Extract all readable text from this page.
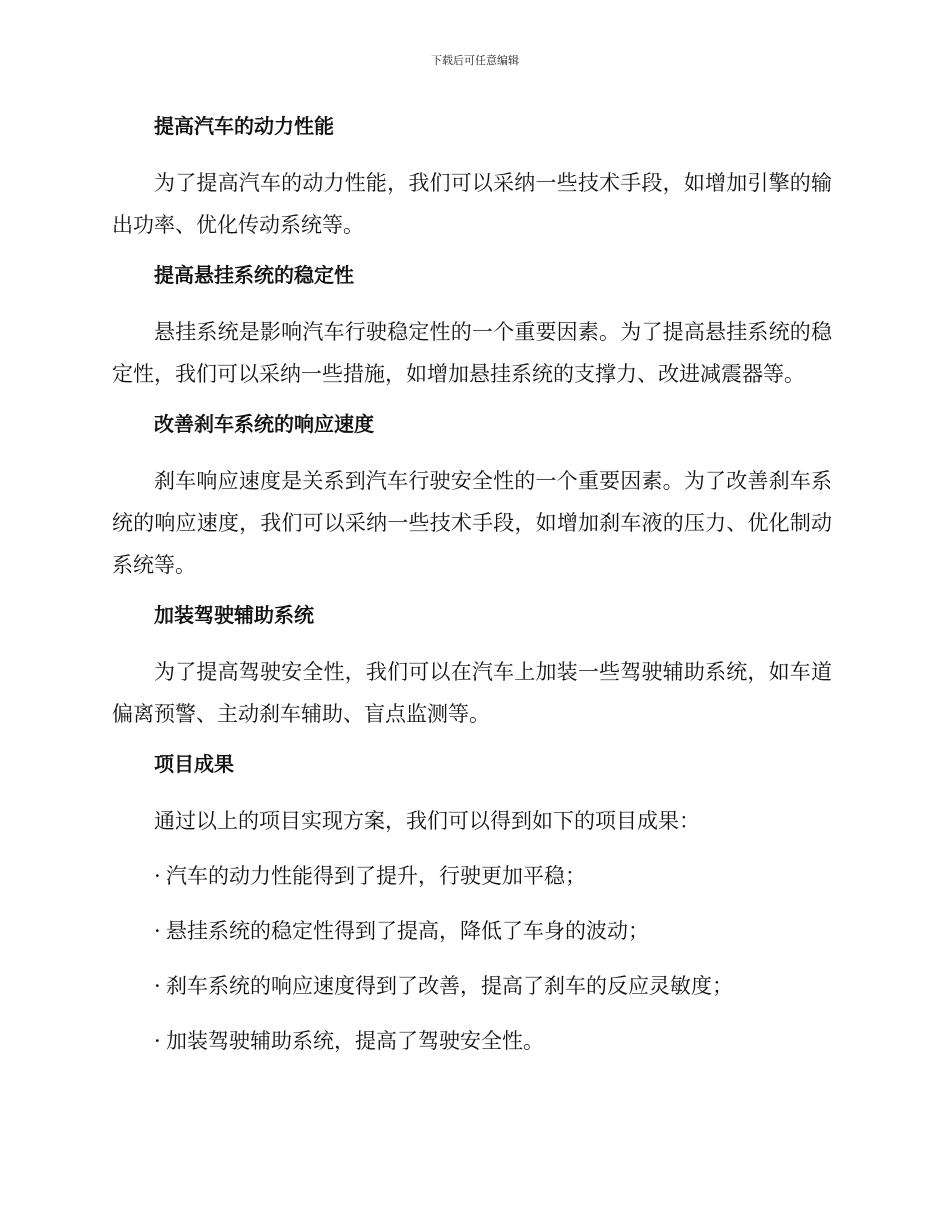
下载后可任意编辑
提高汽车的动力性能

为了提高汽车的动力性能，我们可以采纳一些技术手段，如增加引擎的输出功率、优化传动系统等。

提高悬挂系统的稳定性

悬挂系统是影响汽车行驶稳定性的一个重要因素。为了提高悬挂系统的稳定性，我们可以采纳一些措施，如增加悬挂系统的支撑力、改进减震器等。

改善刹车系统的响应速度

刹车响应速度是关系到汽车行驶安全性的一个重要因素。为了改善刹车系统的响应速度，我们可以采纳一些技术手段，如增加刹车液的压力、优化制动系统等。

加装驾驶辅助系统

为了提高驾驶安全性，我们可以在汽车上加装一些驾驶辅助系统，如车道偏离预警、主动刹车辅助、盲点监测等。

项目成果

通过以上的项目实现方案，我们可以得到如下的项目成果：

· 汽车的动力性能得到了提升，行驶更加平稳；

· 悬挂系统的稳定性得到了提高，降低了车身的波动；

· 刹车系统的响应速度得到了改善，提高了刹车的反应灵敏度；

· 加装驾驶辅助系统，提高了驾驶安全性。
